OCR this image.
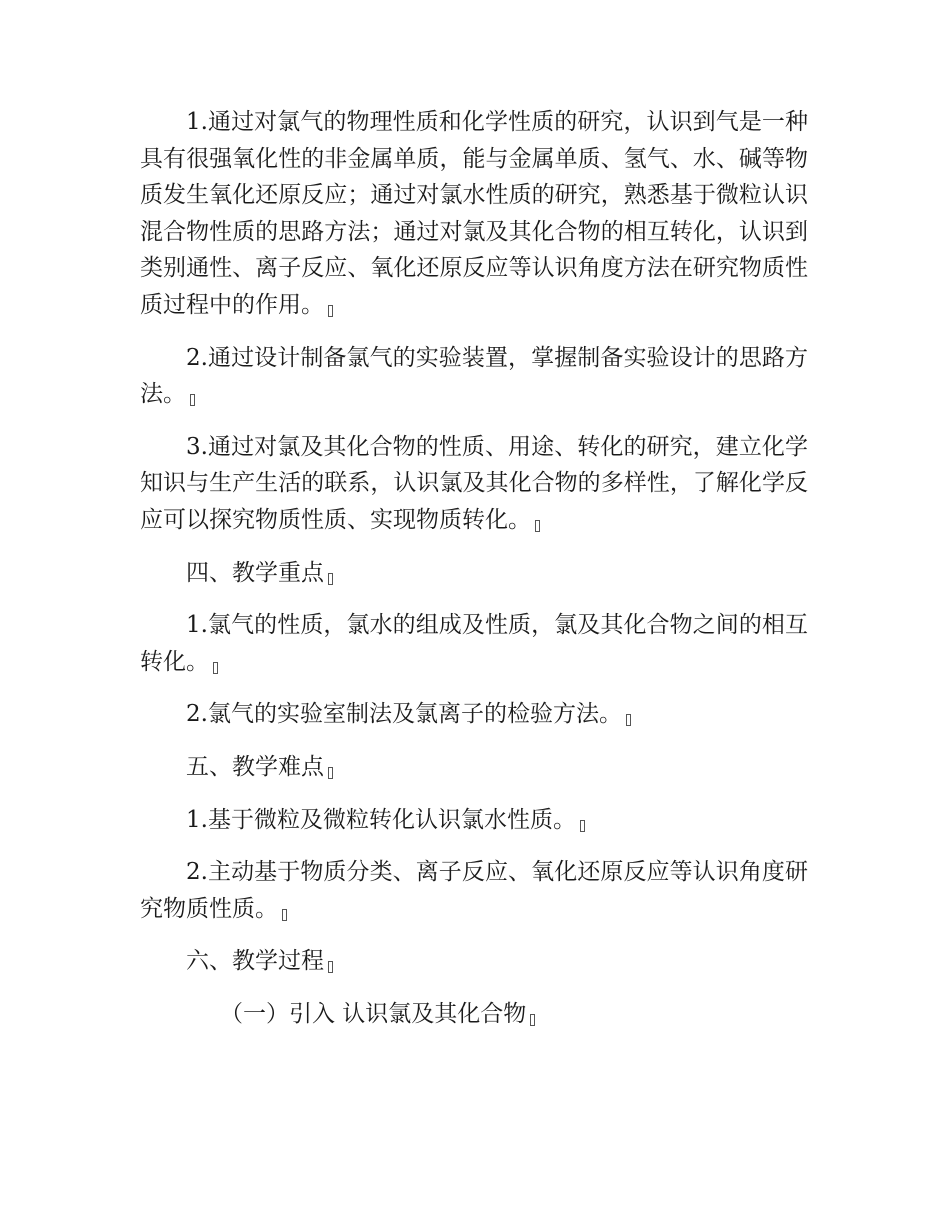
1.通过对氯气的物理性质和化学性质的研究，认识到气是一种具有很强氧化性的非金属单质，能与金属单质、氢气、水、碱等物质发生氧化还原反应；通过对氯水性质的研究，熟悉基于微粒认识混合物性质的思路方法；通过对氯及其化合物的相互转化，认识到类别通性、离子反应、氧化还原反应等认识角度方法在研究物质性质过程中的作用。

2.通过设计制备氯气的实验装置，掌握制备实验设计的思路方法。

3.通过对氯及其化合物的性质、用途、转化的研究，建立化学知识与生产生活的联系，认识氯及其化合物的多样性，了解化学反应可以探究物质性质、实现物质转化。

四、教学重点

1.氯气的性质，氯水的组成及性质，氯及其化合物之间的相互转化。

2.氯气的实验室制法及氯离子的检验方法。

五、教学难点

1.基于微粒及微粒转化认识氯水性质。

2.主动基于物质分类、离子反应、氧化还原反应等认识角度研究物质性质。

六、教学过程

（一）引入 认识氯及其化合物
